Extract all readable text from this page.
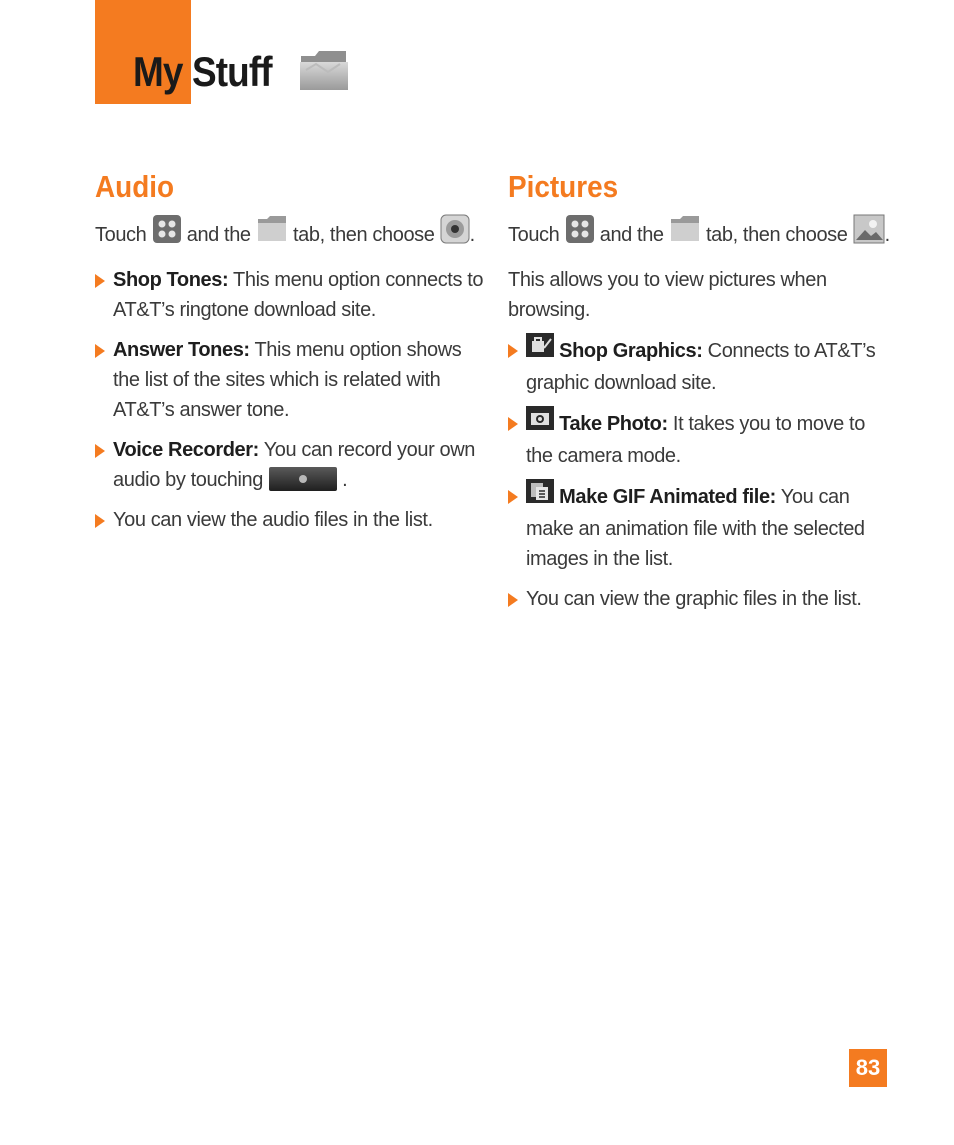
My Stuff
Audio
Touch and the tab, then choose .
Shop Tones: This menu option connects to
AT&T’s ringtone download site.
Answer Tones: This menu option shows
the list of the sites which is related with
AT&T’s answer tone.
Voice Recorder: You can record your own
audio by touching	.
You can view the audio files in the list.
Pictures
Touch and the tab, then choose .
This allows you to view pictures when
browsing.
Shop Graphics: Connects to AT&T’s
graphic download site.
Take Photo: It takes you to move to
the camera mode.
Make GIF Animated file: You can
make an animation file with the selected
images in the list.
You can view the graphic files in the list.
83
